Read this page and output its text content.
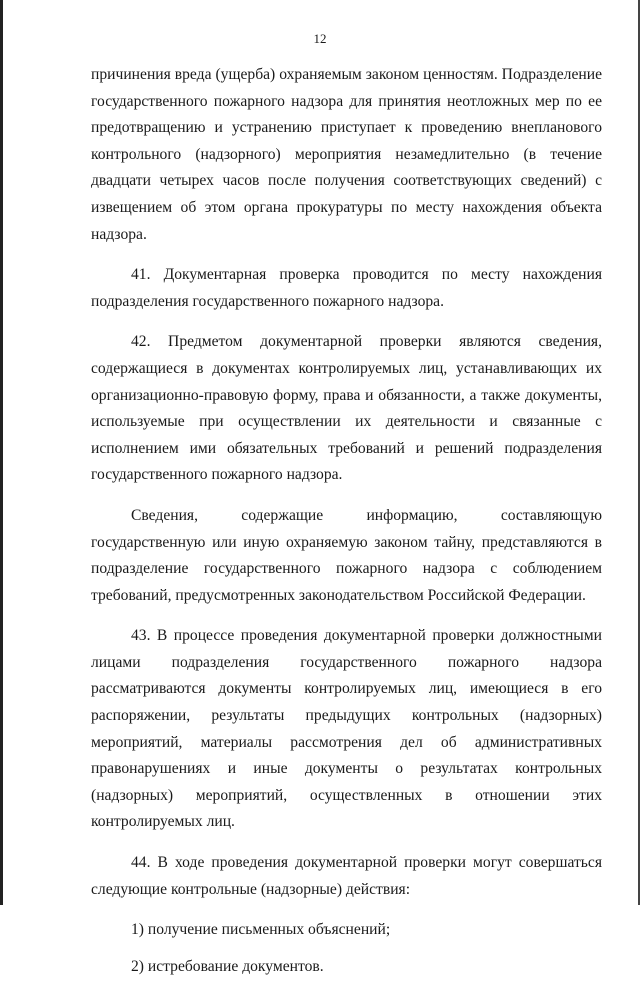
12

причинения вреда (ущерба) охраняемым законом ценностям. Подразделение государственного пожарного надзора для принятия неотложных мер по ее предотвращению и устранению приступает к проведению внепланового контрольного (надзорного) мероприятия незамедлительно (в течение двадцати четырех часов после получения соответствующих сведений) с извещением об этом органа прокуратуры по месту нахождения объекта надзора.

41. Документарная проверка проводится по месту нахождения подразделения государственного пожарного надзора.

42. Предметом документарной проверки являются сведения, содержащиеся в документах контролируемых лиц, устанавливающих их организационно-правовую форму, права и обязанности, а также документы, используемые при осуществлении их деятельности и связанные с исполнением ими обязательных требований и решений подразделения государственного пожарного надзора.

Сведения, содержащие информацию, составляющую государственную или иную охраняемую законом тайну, представляются в подразделение государственного пожарного надзора с соблюдением требований, предусмотренных законодательством Российской Федерации.

43. В процессе проведения документарной проверки должностными лицами подразделения государственного пожарного надзора рассматриваются документы контролируемых лиц, имеющиеся в его распоряжении, результаты предыдущих контрольных (надзорных) мероприятий, материалы рассмотрения дел об административных правонарушениях и иные документы о результатах контрольных (надзорных) мероприятий, осуществленных в отношении этих контролируемых лиц.

44. В ходе проведения документарной проверки могут совершаться следующие контрольные (надзорные) действия:

1) получение письменных объяснений;

2) истребование документов.
